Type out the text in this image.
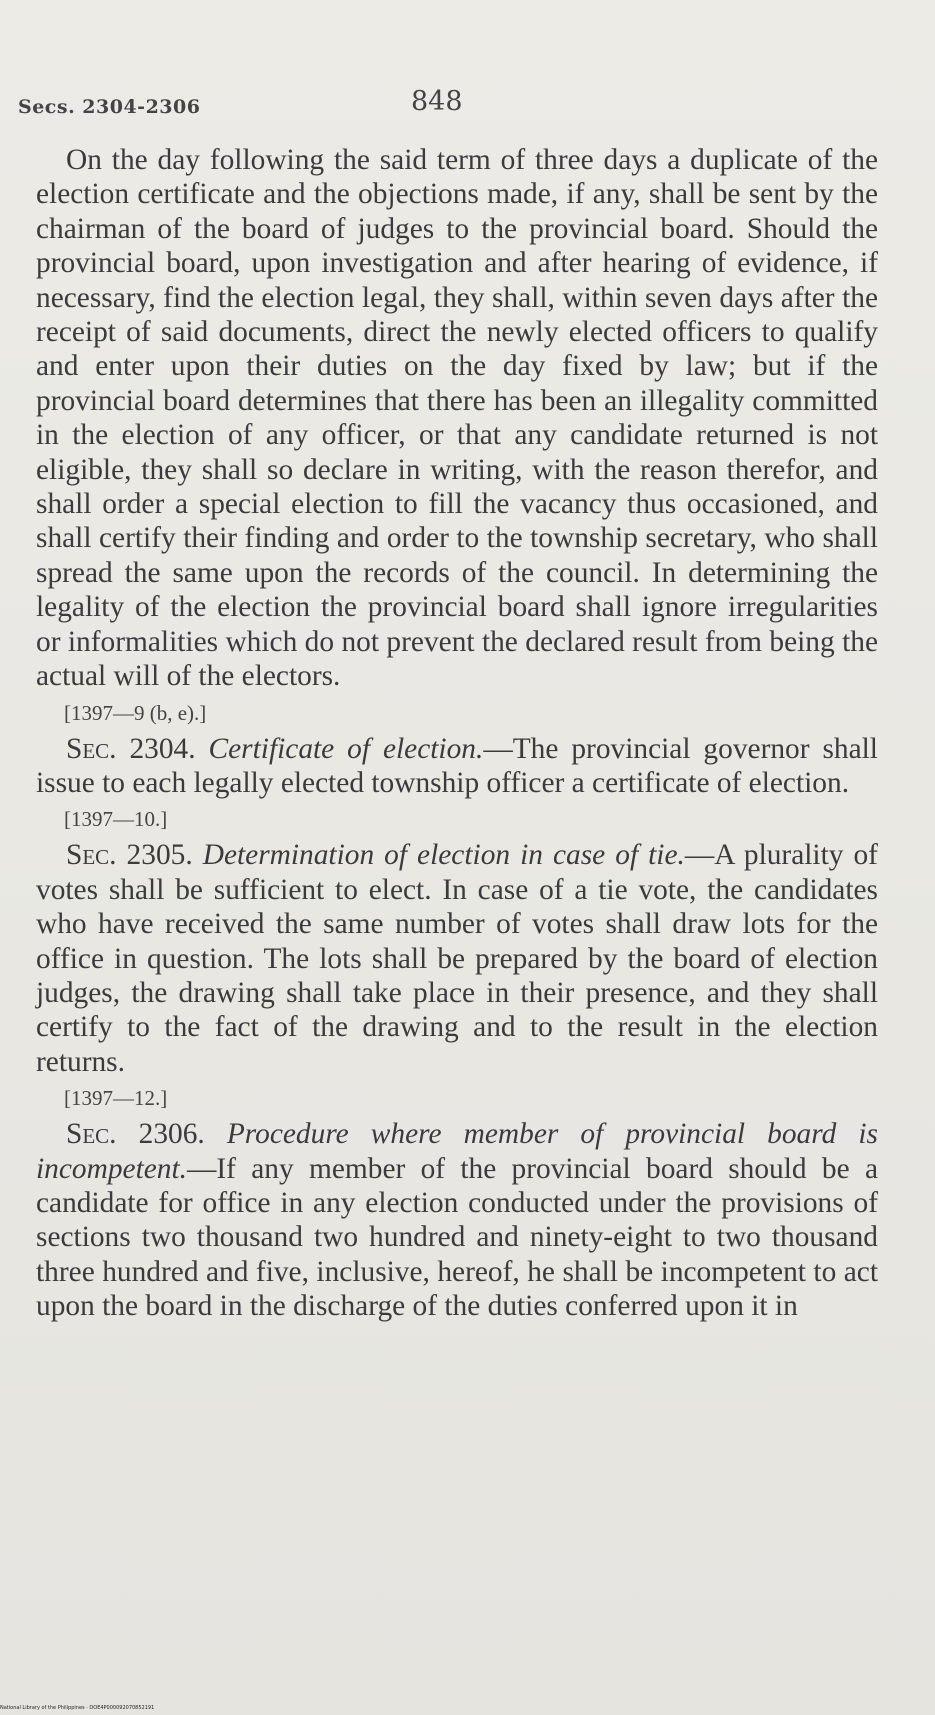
Secs. 2304-2306	848

On the day following the said term of three days a duplicate of the election certificate and the objections made, if any, shall be sent by the chairman of the board of judges to the provincial board. Should the provincial board, upon investigation and after hearing of evidence, if necessary, find the election legal, they shall, within seven days after the receipt of said documents, direct the newly elected officers to qualify and enter upon their duties on the day fixed by law; but if the provincial board determines that there has been an illegality committed in the election of any officer, or that any candidate returned is not eligible, they shall so declare in writing, with the reason therefor, and shall order a special election to fill the vacancy thus occasioned, and shall certify their finding and order to the township secretary, who shall spread the same upon the records of the council. In determining the legality of the election the provincial board shall ignore irregularities or informalities which do not prevent the declared result from being the actual will of the electors.

[1397—9 (b, e).]

Sec. 2304. Certificate of election.—The provincial governor shall issue to each legally elected township officer a certificate of election.

[1397—10.]

Sec. 2305. Determination of election in case of tie.—A plurality of votes shall be sufficient to elect. In case of a tie vote, the candidates who have received the same number of votes shall draw lots for the office in question. The lots shall be prepared by the board of election judges, the drawing shall take place in their presence, and they shall certify to the fact of the drawing and to the result in the election returns.

[1397—12.]

Sec. 2306. Procedure where member of provincial board is incompetent.—If any member of the provincial board should be a candidate for office in any election conducted under the provisions of sections two thousand two hundred and ninety-eight to two thousand three hundred and five, inclusive, hereof, he shall be incompetent to act upon the board in the discharge of the duties conferred upon it in

National Library of the Philippines · DOE4P000092070852191
